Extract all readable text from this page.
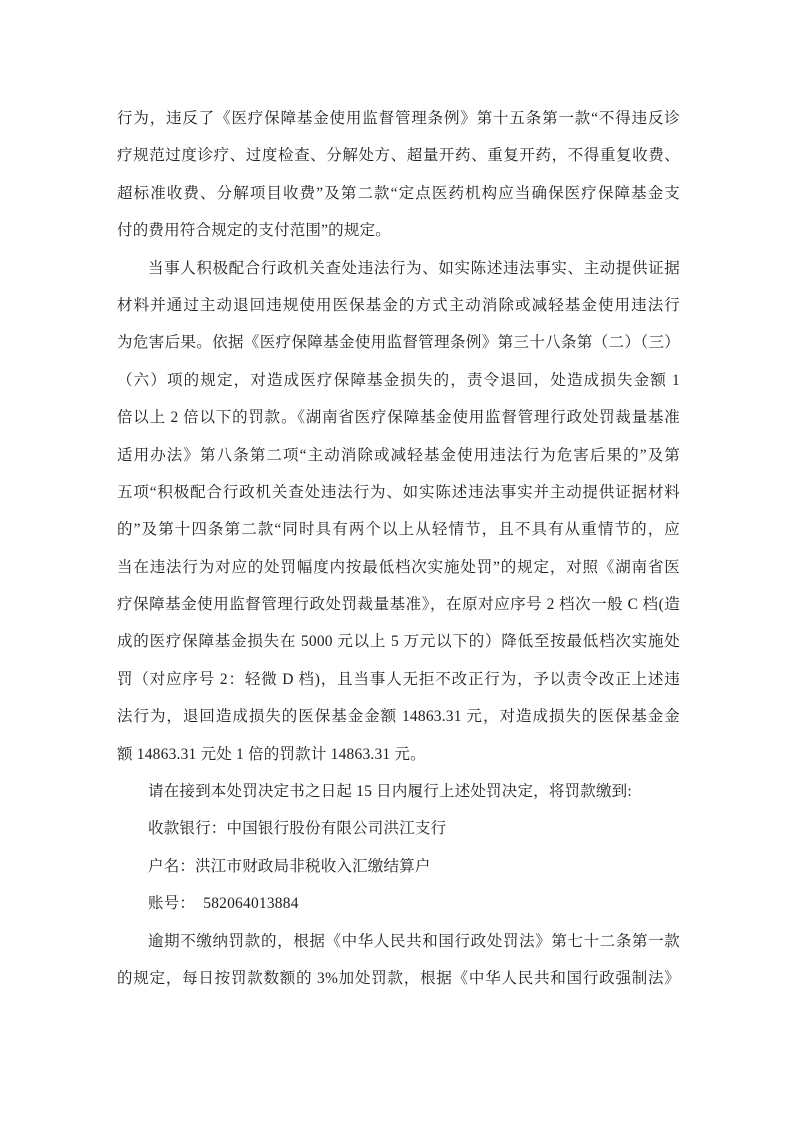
行为，违反了《医疗保障基金使用监督管理条例》第十五条第一款“不得违反诊
疗规范过度诊疗、过度检查、分解处方、超量开药、重复开药，不得重复收费、
超标准收费、分解项目收费”及第二款“定点医药机构应当确保医疗保障基金支
付的费用符合规定的支付范围”的规定。
当事人积极配合行政机关查处违法行为、如实陈述违法事实、主动提供证据
材料并通过主动退回违规使用医保基金的方式主动消除或减轻基金使用违法行
为危害后果。依据《医疗保障基金使用监督管理条例》第三十八条第（二）（三）
（六）项的规定，对造成医疗保障基金损失的，责令退回，处造成损失金额 1
倍以上 2 倍以下的罚款。《湖南省医疗保障基金使用监督管理行政处罚裁量基准
适用办法》第八条第二项“主动消除或减轻基金使用违法行为危害后果的”及第
五项“积极配合行政机关查处违法行为、如实陈述违法事实并主动提供证据材料
的”及第十四条第二款“同时具有两个以上从轻情节，且不具有从重情节的，应
当在违法行为对应的处罚幅度内按最低档次实施处罚”的规定，对照《湖南省医
疗保障基金使用监督管理行政处罚裁量基准》，在原对应序号 2 档次一般 C 档(造
成的医疗保障基金损失在 5000 元以上 5 万元以下的）降低至按最低档次实施处
罚（对应序号 2：轻微 D 档)，且当事人无拒不改正行为，予以责令改正上述违
法行为，退回造成损失的医保基金金额 14863.31 元，对造成损失的医保基金金
额 14863.31 元处 1 倍的罚款计 14863.31 元。
请在接到本处罚决定书之日起 15 日内履行上述处罚决定，将罚款缴到:
收款银行：中国银行股份有限公司洪江支行
户名：洪江市财政局非税收入汇缴结算户
账号：  582064013884
逾期不缴纳罚款的，根据《中华人民共和国行政处罚法》第七十二条第一款
的规定，每日按罚款数额的 3%加处罚款，根据《中华人民共和国行政强制法》
